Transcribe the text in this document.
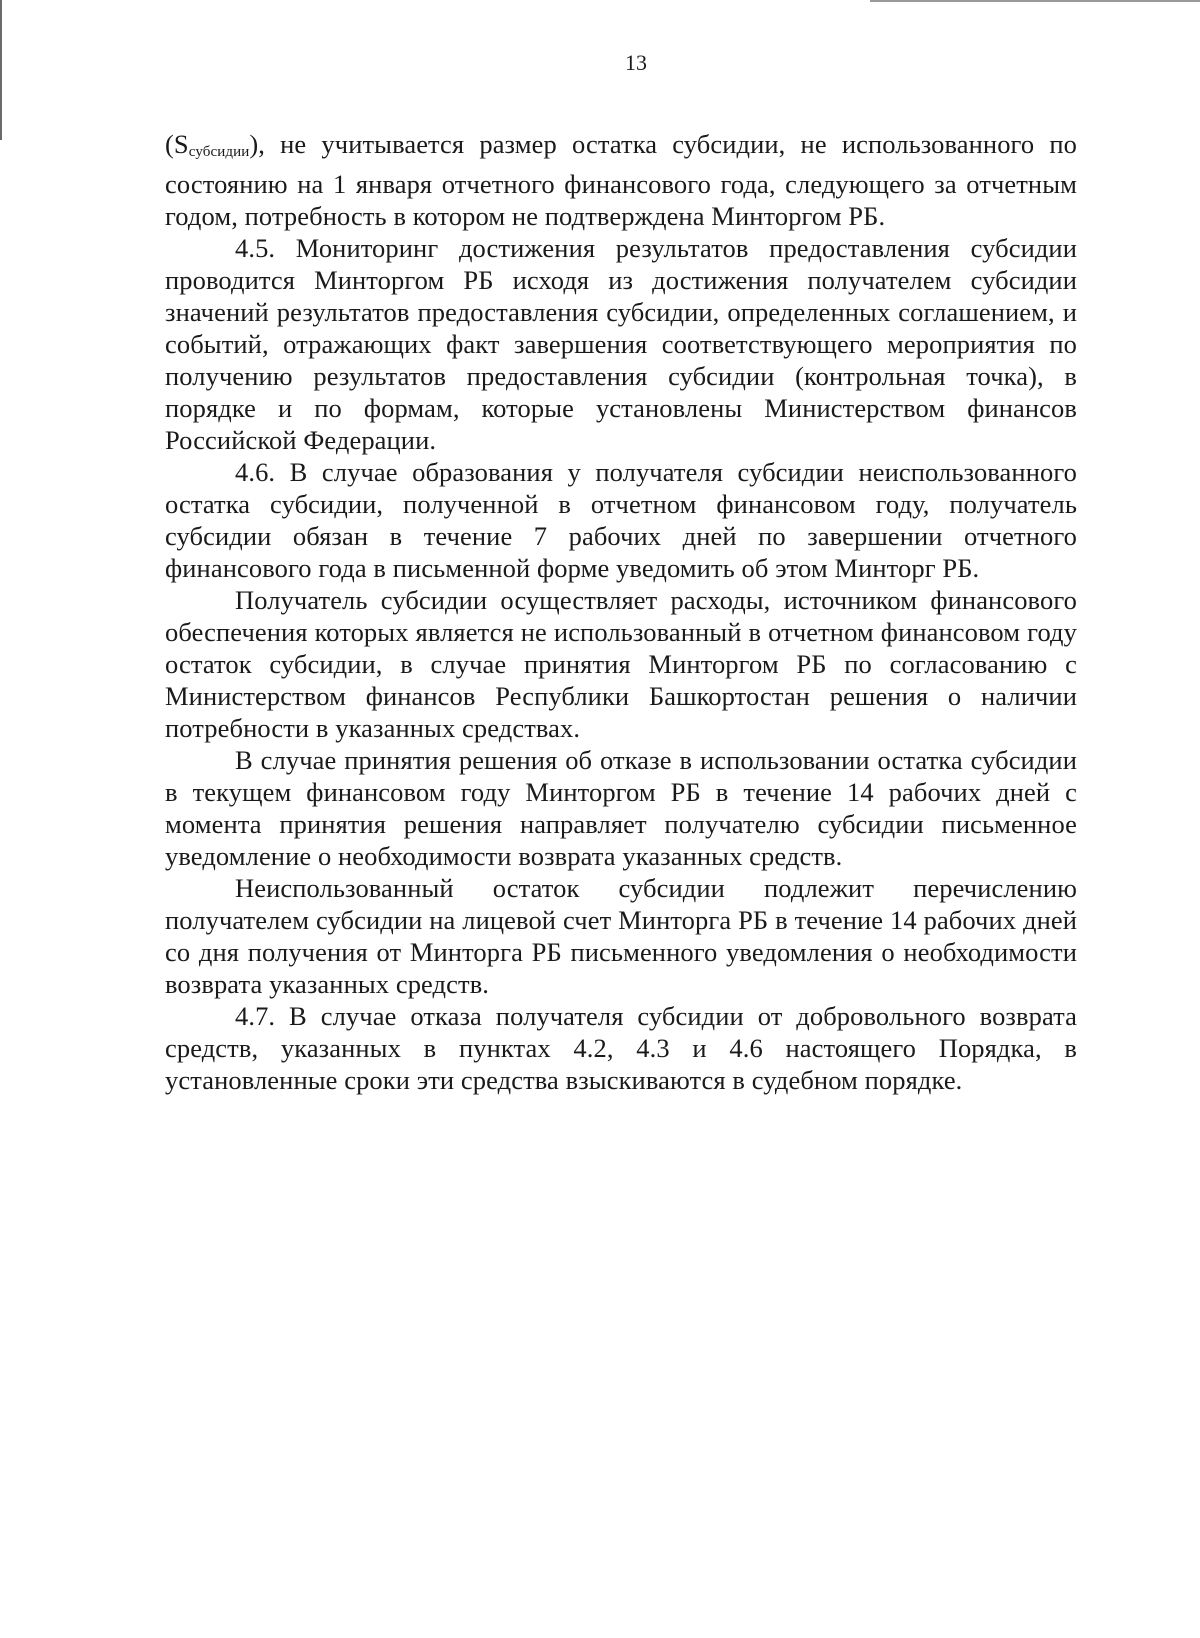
13

$(S_{субсидии})$, не учитывается размер остатка субсидии, не использованного по состоянию на 1 января отчетного финансового года, следующего за отчетным годом, потребность в котором не подтверждена Минторгом РБ.

4.5. Мониторинг достижения результатов предоставления субсидии проводится Минторгом РБ исходя из достижения получателем субсидии значений результатов предоставления субсидии, определенных соглашением, и событий, отражающих факт завершения соответствующего мероприятия по получению результатов предоставления субсидии (контрольная точка), в порядке и по формам, которые установлены Министерством финансов Российской Федерации.

4.6. В случае образования у получателя субсидии неиспользованного остатка субсидии, полученной в отчетном финансовом году, получатель субсидии обязан в течение 7 рабочих дней по завершении отчетного финансового года в письменной форме уведомить об этом Минторг РБ.

Получатель субсидии осуществляет расходы, источником финансового обеспечения которых является не использованный в отчетном финансовом году остаток субсидии, в случае принятия Минторгом РБ по согласованию с Министерством финансов Республики Башкортостан решения о наличии потребности в указанных средствах.

В случае принятия решения об отказе в использовании остатка субсидии в текущем финансовом году Минторгом РБ в течение 14 рабочих дней с момента принятия решения направляет получателю субсидии письменное уведомление о необходимости возврата указанных средств.

Неиспользованный остаток субсидии подлежит перечислению получателем субсидии на лицевой счет Минторга РБ в течение 14 рабочих дней со дня получения от Минторга РБ письменного уведомления о необходимости возврата указанных средств.

4.7. В случае отказа получателя субсидии от добровольного возврата средств, указанных в пунктах 4.2, 4.3 и 4.6 настоящего Порядка, в установленные сроки эти средства взыскиваются в судебном порядке.
